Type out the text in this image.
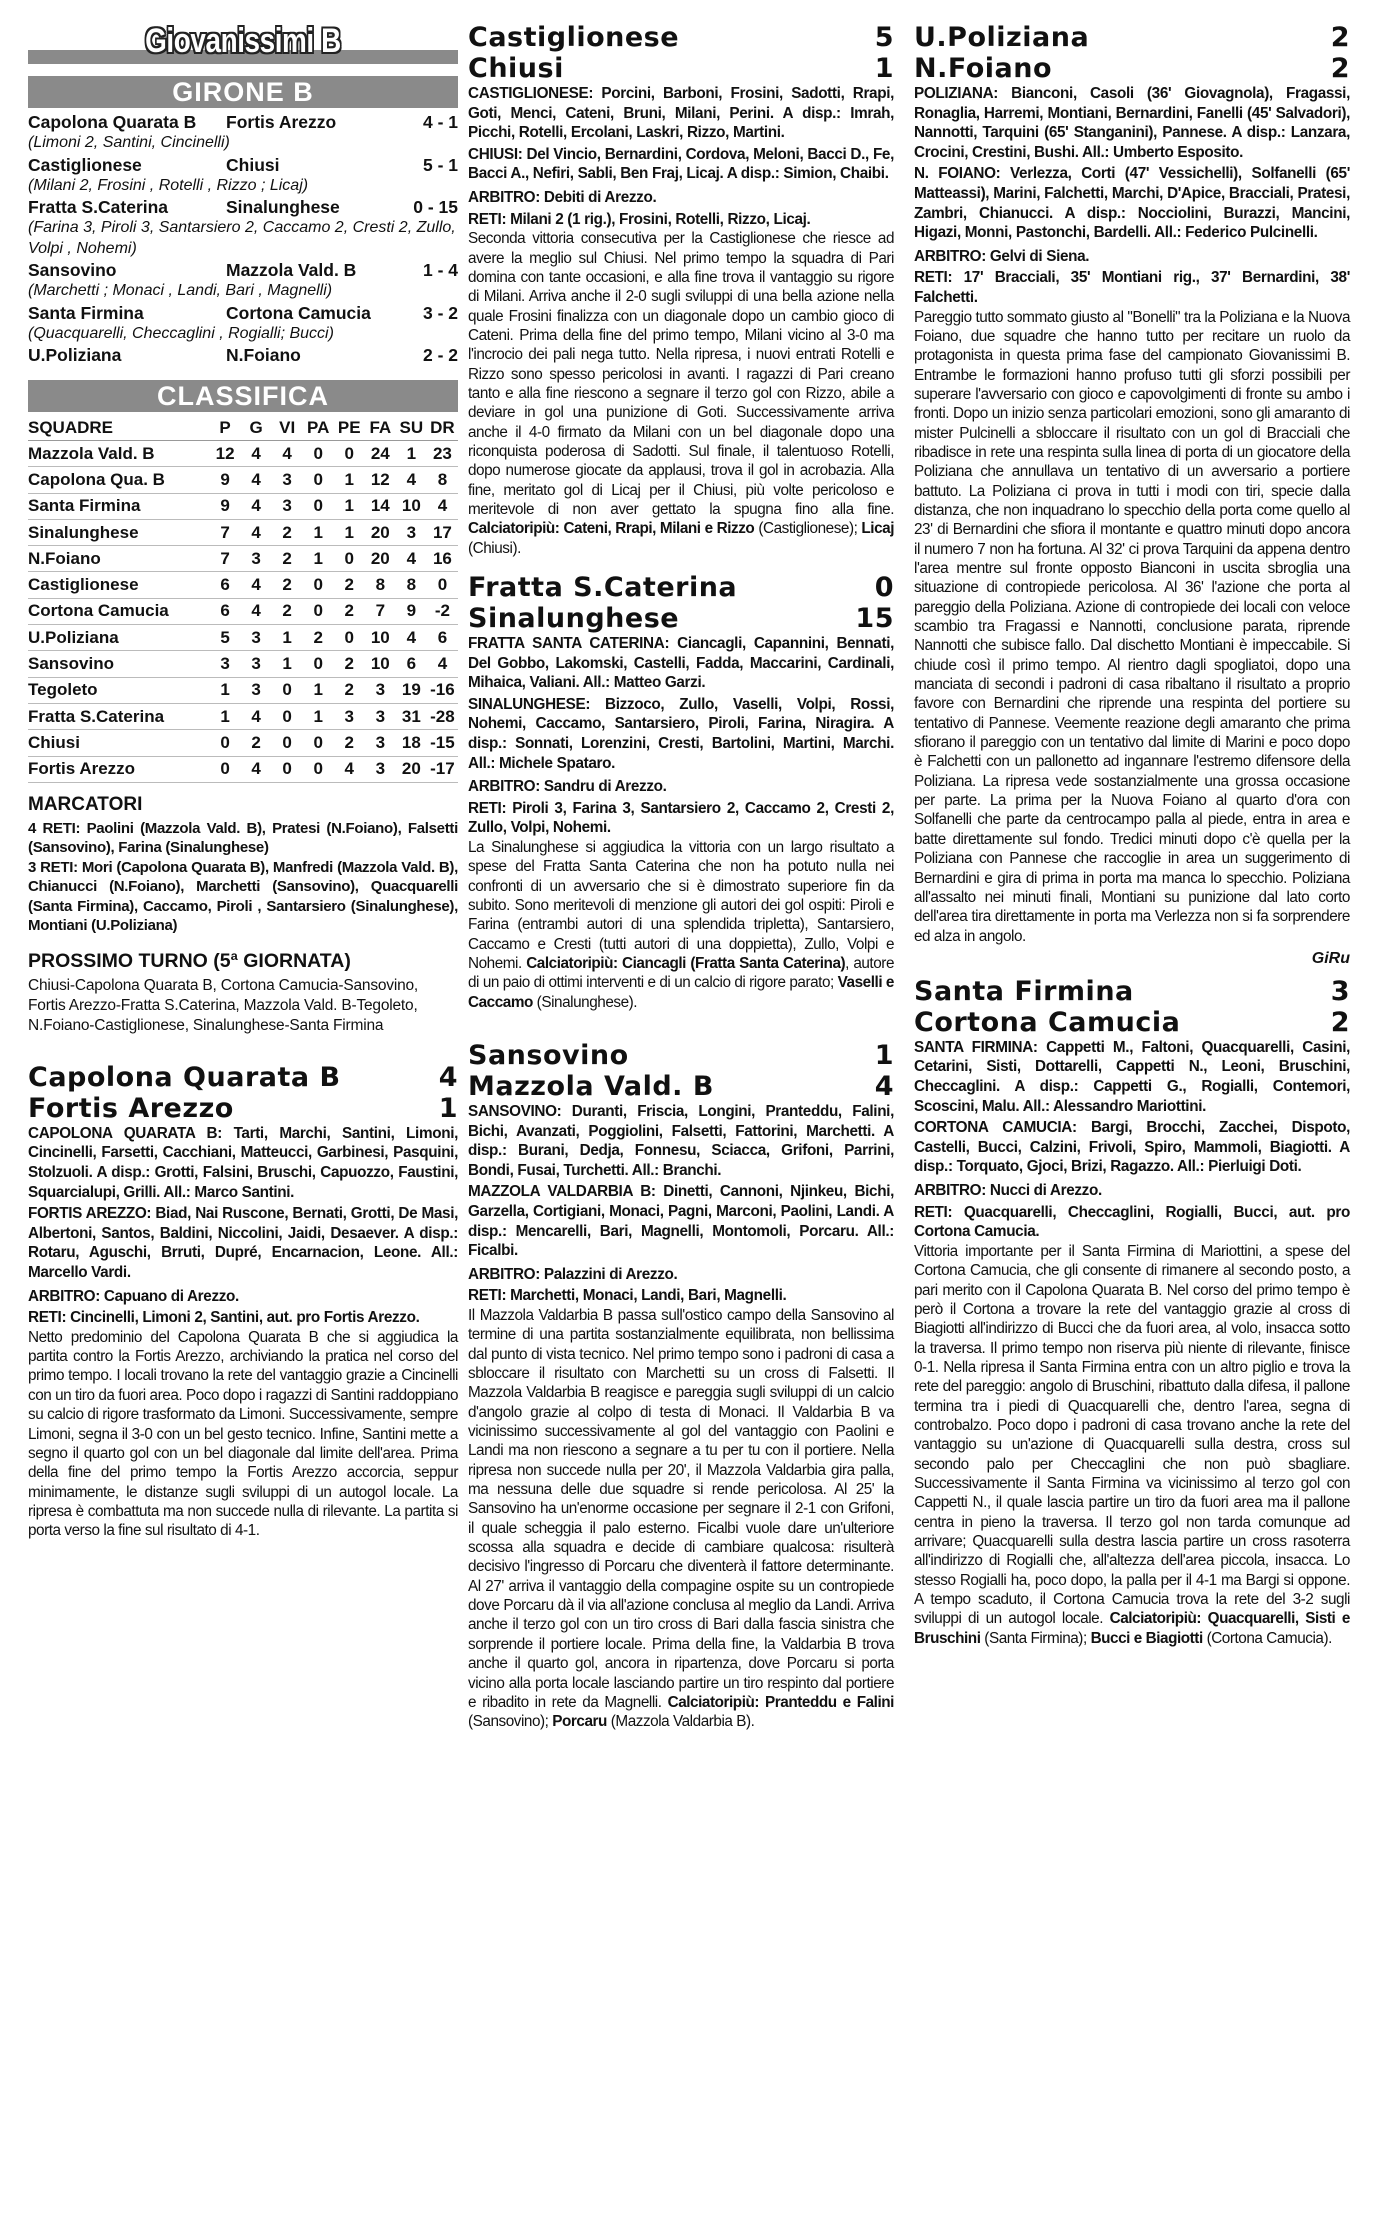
Giovanissimi B
GIRONE B
Capolona Quarata B	Fortis Arezzo	4 - 1
(Limoni 2, Santini, Cincinelli)
Castiglionese	Chiusi	5 - 1
(Milani 2, Frosini , Rotelli , Rizzo ; Licaj)
Fratta S.Caterina	Sinalunghese	0 - 15
(Farina 3, Piroli 3, Santarsiero 2, Caccamo 2, Cresti 2, Zullo, Volpi , Nohemi)
Sansovino	Mazzola Vald. B	1 - 4
(Marchetti ; Monaci , Landi, Bari , Magnelli)
Santa Firmina	Cortona Camucia	3 - 2
(Quacquarelli, Checcaglini , Rogialli; Bucci)
U.Poliziana	N.Foiano	2 - 2
CLASSIFICA
SQUADRE	P	G	VI	PA	PE	FA	SU	DR
Mazzola Vald. B	12	4	4	0	0	24	1	23
Capolona Qua. B	9	4	3	0	1	12	4	8
Santa Firmina	9	4	3	0	1	14	10	4
Sinalunghese	7	4	2	1	1	20	3	17
N.Foiano	7	3	2	1	0	20	4	16
Castiglionese	6	4	2	0	2	8	8	0
Cortona Camucia	6	4	2	0	2	7	9	-2
U.Poliziana	5	3	1	2	0	10	4	6
Sansovino	3	3	1	0	2	10	6	4
Tegoleto	1	3	0	1	2	3	19	-16
Fratta S.Caterina	1	4	0	1	3	3	31	-28
Chiusi	0	2	0	0	2	3	18	-15
Fortis Arezzo	0	4	0	0	4	3	20	-17
MARCATORI
4 RETI: Paolini (Mazzola Vald. B), Pratesi (N.Foiano), Falsetti (Sansovino), Farina (Sinalunghese)
3 RETI: Mori (Capolona Quarata B), Manfredi (Mazzola Vald. B), Chianucci (N.Foiano), Marchetti (Sansovino), Quacquarelli (Santa Firmina), Caccamo, Piroli , Santarsiero (Sinalunghese), Montiani (U.Poliziana)
PROSSIMO TURNO (5ª GIORNATA)
Chiusi-Capolona Quarata B, Cortona Camucia-Sansovino, Fortis Arezzo-Fratta S.Caterina, Mazzola Vald. B-Tegoleto, N.Foiano-Castiglionese, Sinalunghese-Santa Firmina
Capolona Quarata B	4
Fortis Arezzo	1

CAPOLONA QUARATA B: Tarti, Marchi, Santini, Limoni, Cincinelli, Farsetti, Cacchiani, Matteucci, Garbinesi, Pasquini, Stolzuoli. A disp.: Grotti, Falsini, Bruschi, Capuozzo, Faustini, Squarcialupi, Grilli. All.: Marco Santini.

FORTIS AREZZO: Biad, Nai Ruscone, Bernati, Grotti, De Masi, Albertoni, Santos, Baldini, Niccolini, Jaidi, Desaever. A disp.: Rotaru, Aguschi, Brruti, Dupré, Encarnacion, Leone. All.: Marcello Vardi.

ARBITRO: Capuano di Arezzo.

RETI: Cincinelli, Limoni 2, Santini, aut. pro Fortis Arezzo.

Netto predominio del Capolona Quarata B che si aggiudica la partita contro la Fortis Arezzo, archiviando la pratica nel corso del primo tempo. I locali trovano la rete del vantaggio grazie a Cincinelli con un tiro da fuori area. Poco dopo i ragazzi di Santini raddoppiano su calcio di rigore trasformato da Limoni. Successivamente, sempre Limoni, segna il 3-0 con un bel gesto tecnico. Infine, Santini mette a segno il quarto gol con un bel diagonale dal limite dell'area. Prima della fine del primo tempo la Fortis Arezzo accorcia, seppur minimamente, le distanze sugli sviluppi di un autogol locale. La ripresa è combattuta ma non succede nulla di rilevante. La partita si porta verso la fine sul risultato di 4-1.

Castiglionese	5
Chiusi	1

CASTIGLIONESE: Porcini, Barboni, Frosini, Sadotti, Rrapi, Goti, Menci, Cateni, Bruni, Milani, Perini. A disp.: Imrah, Picchi, Rotelli, Ercolani, Laskri, Rizzo, Martini.

CHIUSI: Del Vincio, Bernardini, Cordova, Meloni, Bacci D., Fe, Bacci A., Nefiri, Sabli, Ben Fraj, Licaj. A disp.: Simion, Chaibi.

ARBITRO: Debiti di Arezzo.

RETI: Milani 2 (1 rig.), Frosini, Rotelli, Rizzo, Licaj.

Seconda vittoria consecutiva per la Castiglionese che riesce ad avere la meglio sul Chiusi. Nel primo tempo la squadra di Pari domina con tante occasioni, e alla fine trova il vantaggio su rigore di Milani. Arriva anche il 2-0 sugli sviluppi di una bella azione nella quale Frosini finalizza con un diagonale dopo un cambio gioco di Cateni. Prima della fine del primo tempo, Milani vicino al 3-0 ma l'incrocio dei pali nega tutto. Nella ripresa, i nuovi entrati Rotelli e Rizzo sono spesso pericolosi in avanti. I ragazzi di Pari creano tanto e alla fine riescono a segnare il terzo gol con Rizzo, abile a deviare in gol una punizione di Goti. Successivamente arriva anche il 4-0 firmato da Milani con un bel diagonale dopo una riconquista poderosa di Sadotti. Sul finale, il talentuoso Rotelli, dopo numerose giocate da applausi, trova il gol in acrobazia. Alla fine, meritato gol di Licaj per il Chiusi, più volte pericoloso e meritevole di non aver gettato la spugna fino alla fine. Calciatoripiù: Cateni, Rrapi, Milani e Rizzo (Castiglionese); Licaj (Chiusi).

Fratta S.Caterina	0
Sinalunghese	15

FRATTA SANTA CATERINA: Ciancagli, Capannini, Bennati, Del Gobbo, Lakomski, Castelli, Fadda, Maccarini, Cardinali, Mihaica, Valiani. All.: Matteo Garzi.

SINALUNGHESE: Bizzoco, Zullo, Vaselli, Volpi, Rossi, Nohemi, Caccamo, Santarsiero, Piroli, Farina, Niragira. A disp.: Sonnati, Lorenzini, Cresti, Bartolini, Martini, Marchi. All.: Michele Spataro.

ARBITRO: Sandru di Arezzo.

RETI: Piroli 3, Farina 3, Santarsiero 2, Caccamo 2, Cresti 2, Zullo, Volpi, Nohemi.

La Sinalunghese si aggiudica la vittoria con un largo risultato a spese del Fratta Santa Caterina che non ha potuto nulla nei confronti di un avversario che si è dimostrato superiore fin da subito. Sono meritevoli di menzione gli autori dei gol ospiti: Piroli e Farina (entrambi autori di una splendida tripletta), Santarsiero, Caccamo e Cresti (tutti autori di una doppietta), Zullo, Volpi e Nohemi. Calciatoripiù: Ciancagli (Fratta Santa Caterina), autore di un paio di ottimi interventi e di un calcio di rigore parato; Vaselli e Caccamo (Sinalunghese).

Sansovino	1
Mazzola Vald. B	4

SANSOVINO: Duranti, Friscia, Longini, Pranteddu, Falini, Bichi, Avanzati, Poggiolini, Falsetti, Fattorini, Marchetti. A disp.: Burani, Dedja, Fonnesu, Sciacca, Grifoni, Parrini, Bondi, Fusai, Turchetti. All.: Branchi.

MAZZOLA VALDARBIA B: Dinetti, Cannoni, Njinkeu, Bichi, Garzella, Cortigiani, Monaci, Pagni, Marconi, Paolini, Landi. A disp.: Mencarelli, Bari, Magnelli, Montomoli, Porcaru. All.: Ficalbi.

ARBITRO: Palazzini di Arezzo.

RETI: Marchetti, Monaci, Landi, Bari, Magnelli.

Il Mazzola Valdarbia B passa sull'ostico campo della Sansovino al termine di una partita sostanzialmente equilibrata, non bellissima dal punto di vista tecnico. Nel primo tempo sono i padroni di casa a sbloccare il risultato con Marchetti su un cross di Falsetti. Il Mazzola Valdarbia B reagisce e pareggia sugli sviluppi di un calcio d'angolo grazie al colpo di testa di Monaci. Il Valdarbia B va vicinissimo successivamente al gol del vantaggio con Paolini e Landi ma non riescono a segnare a tu per tu con il portiere. Nella ripresa non succede nulla per 20', il Mazzola Valdarbia gira palla, ma nessuna delle due squadre si rende pericolosa. Al 25' la Sansovino ha un'enorme occasione per segnare il 2-1 con Grifoni, il quale scheggia il palo esterno. Ficalbi vuole dare un'ulteriore scossa alla squadra e decide di cambiare qualcosa: risulterà decisivo l'ingresso di Porcaru che diventerà il fattore determinante. Al 27' arriva il vantaggio della compagine ospite su un contropiede dove Porcaru dà il via all'azione conclusa al meglio da Landi. Arriva anche il terzo gol con un tiro cross di Bari dalla fascia sinistra che sorprende il portiere locale. Prima della fine, la Valdarbia B trova anche il quarto gol, ancora in ripartenza, dove Porcaru si porta vicino alla porta locale lasciando partire un tiro respinto dal portiere e ribadito in rete da Magnelli. Calciatoripiù: Pranteddu e Falini (Sansovino); Porcaru (Mazzola Valdarbia B).

U.Poliziana	2
N.Foiano	2

POLIZIANA: Bianconi, Casoli (36' Giovagnola), Fragassi, Ronaglia, Harremi, Montiani, Bernardini, Fanelli (45' Salvadori), Nannotti, Tarquini (65' Stanganini), Pannese. A disp.: Lanzara, Crocini, Crestini, Bushi. All.: Umberto Esposito.

N. FOIANO: Verlezza, Corti (47' Vessichelli), Solfanelli (65' Matteassi), Marini, Falchetti, Marchi, D'Apice, Bracciali, Pratesi, Zambri, Chianucci. A disp.: Nocciolini, Burazzi, Mancini, Higazi, Monni, Pastonchi, Bardelli. All.: Federico Pulcinelli.

ARBITRO: Gelvi di Siena.

RETI: 17' Bracciali, 35' Montiani rig., 37' Bernardini, 38' Falchetti.

Pareggio tutto sommato giusto al "Bonelli" tra la Poliziana e la Nuova Foiano, due squadre che hanno tutto per recitare un ruolo da protagonista in questa prima fase del campionato Giovanissimi B. Entrambe le formazioni hanno profuso tutti gli sforzi possibili per superare l'avversario con gioco e capovolgimenti di fronte su ambo i fronti. Dopo un inizio senza particolari emozioni, sono gli amaranto di mister Pulcinelli a sbloccare il risultato con un gol di Bracciali che ribadisce in rete una respinta sulla linea di porta di un giocatore della Poliziana che annullava un tentativo di un avversario a portiere battuto. La Poliziana ci prova in tutti i modi con tiri, specie dalla distanza, che non inquadrano lo specchio della porta come quello al 23' di Bernardini che sfiora il montante e quattro minuti dopo ancora il numero 7 non ha fortuna. Al 32' ci prova Tarquini da appena dentro l'area mentre sul fronte opposto Bianconi in uscita sbroglia una situazione di contropiede pericolosa. Al 36' l'azione che porta al pareggio della Poliziana. Azione di contropiede dei locali con veloce scambio tra Fragassi e Nannotti, conclusione parata, riprende Nannotti che subisce fallo. Dal dischetto Montiani è impeccabile. Si chiude così il primo tempo. Al rientro dagli spogliatoi, dopo una manciata di secondi i padroni di casa ribaltano il risultato a proprio favore con Bernardini che riprende una respinta del portiere su tentativo di Pannese. Veemente reazione degli amaranto che prima sfiorano il pareggio con un tentativo dal limite di Marini e poco dopo è Falchetti con un pallonetto ad ingannare l'estremo difensore della Poliziana. La ripresa vede sostanzialmente una grossa occasione per parte. La prima per la Nuova Foiano al quarto d'ora con Solfanelli che parte da centrocampo palla al piede, entra in area e batte direttamente sul fondo. Tredici minuti dopo c'è quella per la Poliziana con Pannese che raccoglie in area un suggerimento di Bernardini e gira di prima in porta ma manca lo specchio. Poliziana all'assalto nei minuti finali, Montiani su punizione dal lato corto dell'area tira direttamente in porta ma Verlezza non si fa sorprendere ed alza in angolo.

GiRu
Santa Firmina	3
Cortona Camucia	2

SANTA FIRMINA: Cappetti M., Faltoni, Quacquarelli, Casini, Cetarini, Sisti, Dottarelli, Cappetti N., Leoni, Bruschini, Checcaglini. A disp.: Cappetti G., Rogialli, Contemori, Scoscini, Malu. All.: Alessandro Mariottini.

CORTONA CAMUCIA: Bargi, Brocchi, Zacchei, Dispoto, Castelli, Bucci, Calzini, Frivoli, Spiro, Mammoli, Biagiotti. A disp.: Torquato, Gjoci, Brizi, Ragazzo. All.: Pierluigi Doti.

ARBITRO: Nucci di Arezzo.

RETI: Quacquarelli, Checcaglini, Rogialli, Bucci, aut. pro Cortona Camucia.

Vittoria importante per il Santa Firmina di Mariottini, a spese del Cortona Camucia, che gli consente di rimanere al secondo posto, a pari merito con il Capolona Quarata B. Nel corso del primo tempo è però il Cortona a trovare la rete del vantaggio grazie al cross di Biagiotti all'indirizzo di Bucci che da fuori area, al volo, insacca sotto la traversa. Il primo tempo non riserva più niente di rilevante, finisce 0-1. Nella ripresa il Santa Firmina entra con un altro piglio e trova la rete del pareggio: angolo di Bruschini, ribattuto dalla difesa, il pallone termina tra i piedi di Quacquarelli che, dentro l'area, segna di controbalzo. Poco dopo i padroni di casa trovano anche la rete del vantaggio su un'azione di Quacquarelli sulla destra, cross sul secondo palo per Checcaglini che non può sbagliare. Successivamente il Santa Firmina va vicinissimo al terzo gol con Cappetti N., il quale lascia partire un tiro da fuori area ma il pallone centra in pieno la traversa. Il terzo gol non tarda comunque ad arrivare; Quacquarelli sulla destra lascia partire un cross rasoterra all'indirizzo di Rogialli che, all'altezza dell'area piccola, insacca. Lo stesso Rogialli ha, poco dopo, la palla per il 4-1 ma Bargi si oppone. A tempo scaduto, il Cortona Camucia trova la rete del 3-2 sugli sviluppi di un autogol locale. Calciatoripiù: Quacquarelli, Sisti e Bruschini (Santa Firmina); Bucci e Biagiotti (Cortona Camucia).
